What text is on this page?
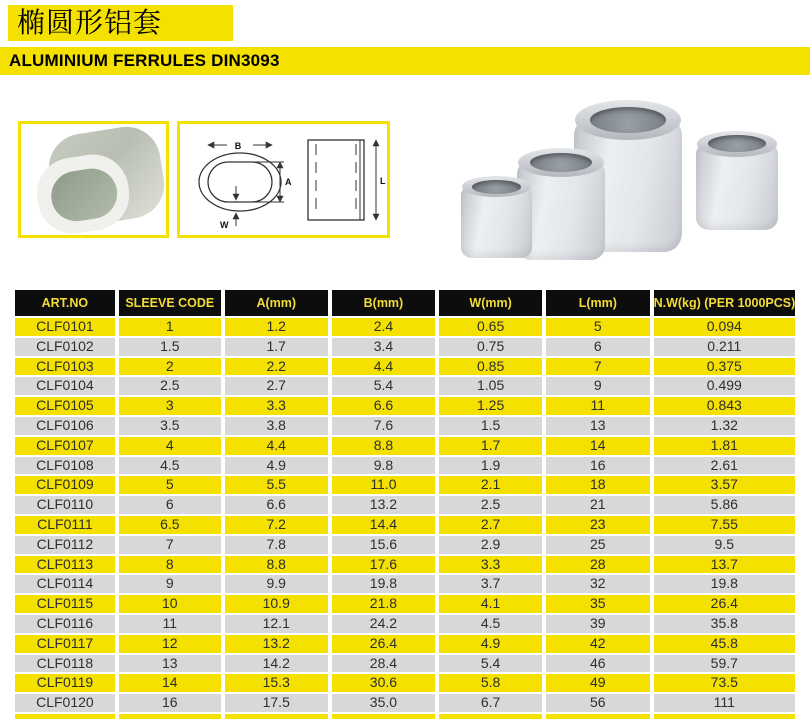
椭圆形铝套
ALUMINIUM FERRULES DIN3093
B
A
W
L
ART.NO	SLEEVE CODE	A(mm)	B(mm)	W(mm)	L(mm)	N.W(kg) (PER 1000PCS)
CLF0101	1	1.2	2.4	0.65	5	0.094
CLF0102	1.5	1.7	3.4	0.75	6	0.211
CLF0103	2	2.2	4.4	0.85	7	0.375
CLF0104	2.5	2.7	5.4	1.05	9	0.499
CLF0105	3	3.3	6.6	1.25	11	0.843
CLF0106	3.5	3.8	7.6	1.5	13	1.32
CLF0107	4	4.4	8.8	1.7	14	1.81
CLF0108	4.5	4.9	9.8	1.9	16	2.61
CLF0109	5	5.5	11.0	2.1	18	3.57
CLF0110	6	6.6	13.2	2.5	21	5.86
CLF0111	6.5	7.2	14.4	2.7	23	7.55
CLF0112	7	7.8	15.6	2.9	25	9.5
CLF0113	8	8.8	17.6	3.3	28	13.7
CLF0114	9	9.9	19.8	3.7	32	19.8
CLF0115	10	10.9	21.8	4.1	35	26.4
CLF0116	11	12.1	24.2	4.5	39	35.8
CLF0117	12	13.2	26.4	4.9	42	45.8
CLF0118	13	14.2	28.4	5.4	46	59.7
CLF0119	14	15.3	30.6	5.8	49	73.5
CLF0120	16	17.5	35.0	6.7	56	111
